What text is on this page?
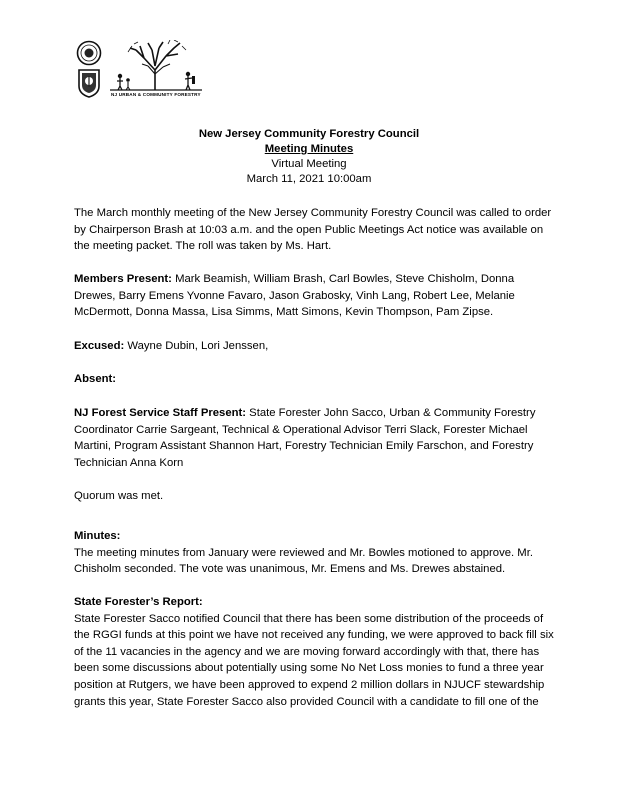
NJ URBAN & COMMUNITY FORESTRY
New Jersey Community Forestry Council
Meeting Minutes
Virtual Meeting
March 11, 2021 10:00am

The March monthly meeting of the New Jersey Community Forestry Council was called to order by Chairperson Brash at 10:03 a.m. and the open Public Meetings Act notice was available on the meeting packet. The roll was taken by Ms. Hart.

Members Present: Mark Beamish, William Brash, Carl Bowles, Steve Chisholm, Donna Drewes, Barry Emens Yvonne Favaro, Jason Grabosky, Vinh Lang, Robert Lee, Melanie McDermott, Donna Massa, Lisa Simms, Matt Simons, Kevin Thompson, Pam Zipse.

Excused: Wayne Dubin, Lori Jenssen,

Absent:

NJ Forest Service Staff Present: State Forester John Sacco, Urban & Community Forestry Coordinator Carrie Sargeant, Technical & Operational Advisor Terri Slack, Forester Michael Martini, Program Assistant Shannon Hart, Forestry Technician Emily Farschon, and Forestry Technician Anna Korn

Quorum was met.

Minutes:
The meeting minutes from January were reviewed and Mr. Bowles motioned to approve. Mr. Chisholm seconded. The vote was unanimous, Mr. Emens and Ms. Drewes abstained.
State Forester’s Report:
State Forester Sacco notified Council that there has been some distribution of the proceeds of the RGGI funds at this point we have not received any funding, we were approved to back fill six of the 11 vacancies in the agency and we are moving forward accordingly with that, there has been some discussions about potentially using some No Net Loss monies to fund a three year position at Rutgers, we have been approved to expend 2 million dollars in NJUCF stewardship grants this year, State Forester Sacco also provided Council with a candidate to fill one of the
